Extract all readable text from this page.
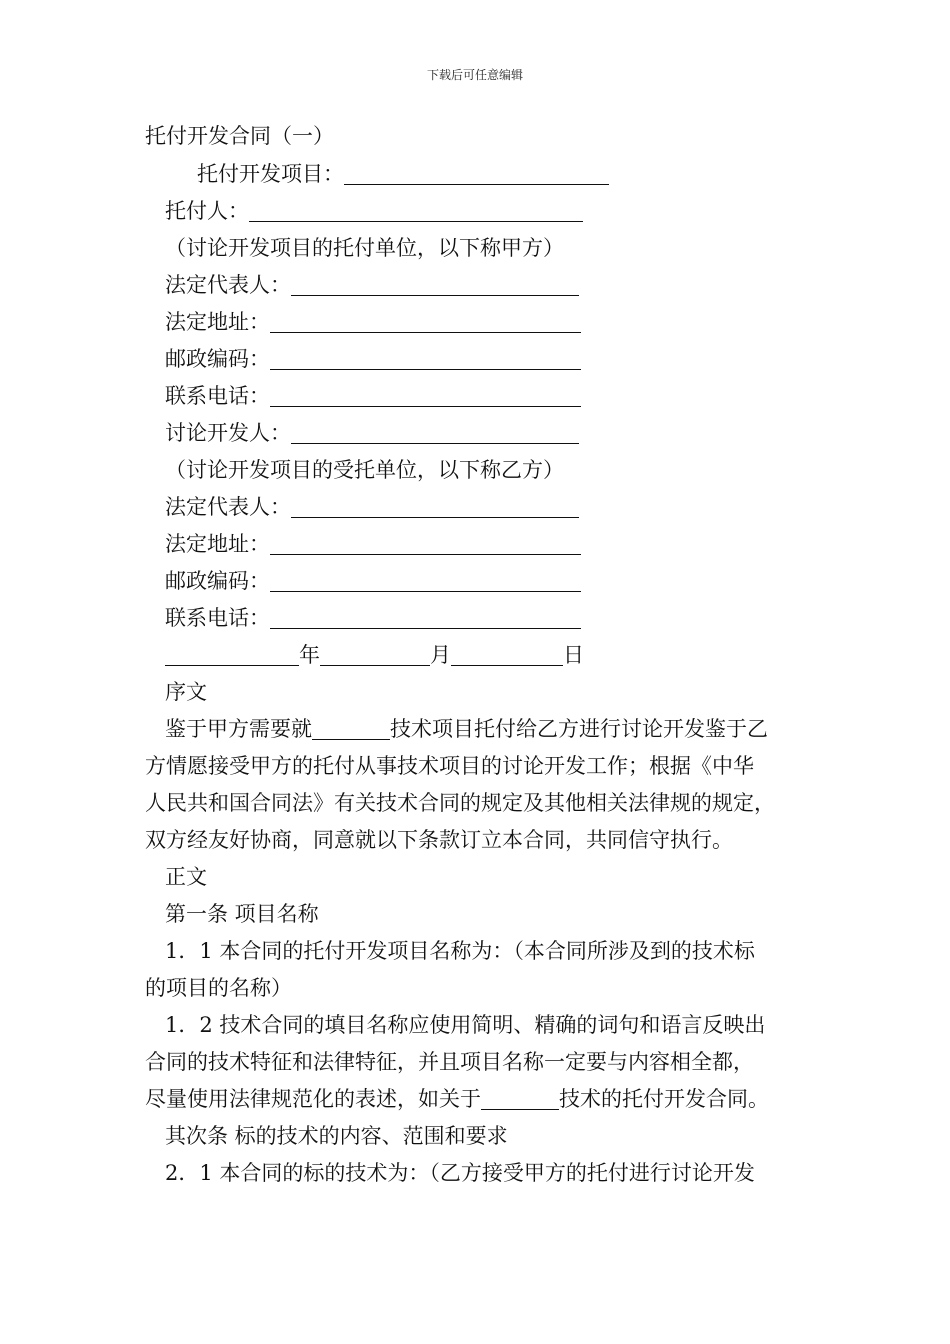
下载后可任意编辑
托付开发合同（一）
托付开发项目：
托付人：
（讨论开发项目的托付单位，以下称甲方）
法定代表人：
法定地址：
邮政编码：
联系电话：
讨论开发人：
（讨论开发项目的受托单位，以下称乙方）
法定代表人：
法定地址：
邮政编码：
联系电话：
年	月	日
序文
鉴于甲方需要就	技术项目托付给乙方进行讨论开发鉴于乙
方情愿接受甲方的托付从事技术项目的讨论开发工作；根据《中华
人民共和国合同法》有关技术合同的规定及其他相关法律规的规定，
双方经友好协商，同意就以下条款订立本合同，共同信守执行。
正文
第一条 项目名称
1．1 本合同的托付开发项目名称为：（本合同所涉及到的技术标
的项目的名称）
1．2 技术合同的填目名称应使用简明、精确的词句和语言反映出
合同的技术特征和法律特征，并且项目名称一定要与内容相全都，
尽量使用法律规范化的表述，如关于	技术的托付开发合同。
其次条 标的技术的内容、范围和要求
2．1 本合同的标的技术为：（乙方接受甲方的托付进行讨论开发
